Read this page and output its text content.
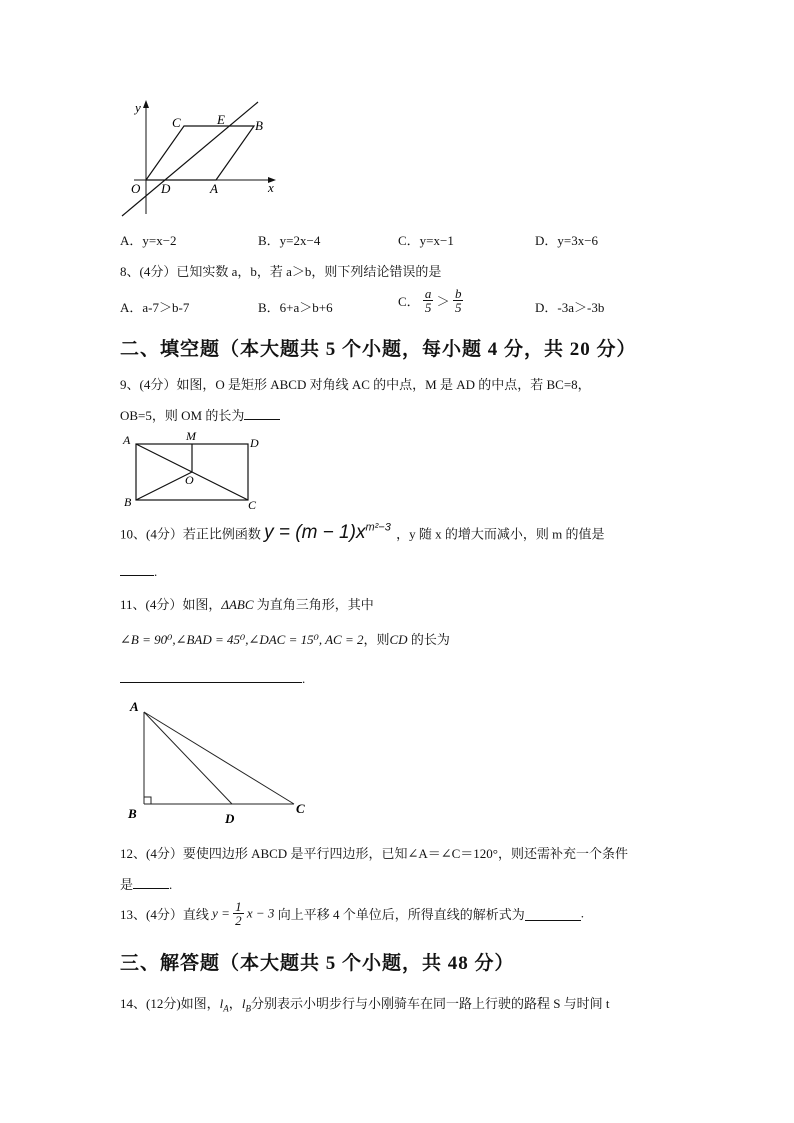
y
x
C	E B
O D	A
A．y=x−2	B．y=2x−4	C．y=x−1	D．y=3x−6
8、(4分）已知实数 a，b，若 a＞b，则下列结论错误的是
A．a-7＞b-7	B．6+a＞b+6	C． $\frac{a}{5} > \frac{b}{5}$	D．-3a＞-3b
二、填空题（本大题共 5 个小题，每小题 4 分，共 20 分）
9、(4分）如图，O 是矩形 ABCD 对角线 AC 的中点，M 是 AD 的中点，若 BC=8，
OB=5，则 OM 的长为
A	M	D
O
B	C
10、(4分）若正比例函数 $y = (m - 1)x^{m^2-3}$ ，y 随 x 的增大而减小，则 m 的值是
.
11、(4分）如图，ΔABC 为直角三角形，其中
∠B = 90⁰,∠BAD = 45⁰,∠DAC = 15⁰, AC = 2，则CD 的长为
.
A
B	D
C
12、(4分）要使四边形 ABCD 是平行四边形，已知∠A＝∠C＝120°，则还需补充一个条件
是	.
13、(4分）直线 $y = \frac{1}{2}$ x − 3 向上平移 4 个单位后，所得直线的解析式为	.
三、解答题（本大题共 5 个小题，共 48 分）
14、(12分)如图，$l_A$，$l_B$分别表示小明步行与小刚骑车在同一路上行驶的路程 S 与时间 t
